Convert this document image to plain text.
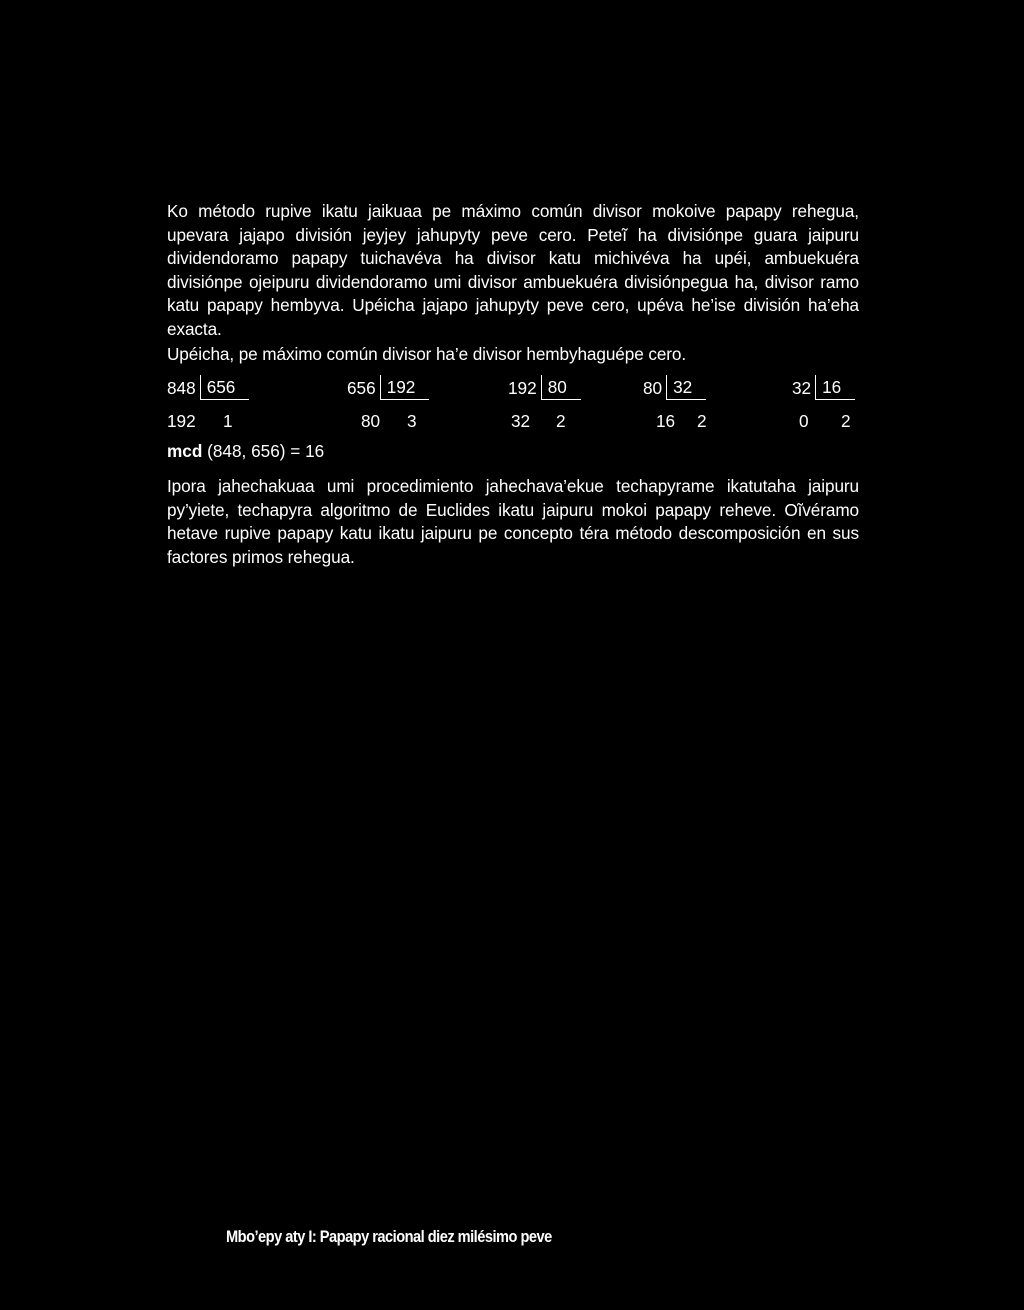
Ko método rupive ikatu jaikuaa pe máximo común divisor mokoive papapy rehegua, upevara jajapo división jeyjey jahupyty peve cero. Peteĩ ha divisiónpe guara jaipuru dividendoramo papapy tuichavéva ha divisor katu michivéva ha upéi, ambuekuéra divisiónpe ojeipuru dividendoramo umi divisor ambuekuéra divisiónpegua ha, divisor ramo katu papapy hembyva. Upéicha jajapo jahupyty peve cero, upéva he’ise división ha’eha exacta.

Upéicha, pe máximo común divisor ha’e divisor hembyhaguépe cero.

848 656	656 192	192 80	80 32	32 16
192 1	80 3	32 2	16 2	0 2
mcd (848, 656) = 16

Ipora jahechakuaa umi procedimiento jahechava’ekue techapyrame ikatutaha jaipuru py’yiete, techapyra algoritmo de Euclides ikatu jaipuru mokoi papapy reheve. Oĩvéramo hetave rupive papapy katu ikatu jaipuru pe concepto téra método descomposición en sus factores primos rehegua.

Mbo’epy aty I: Papapy racional diez milésimo peve
